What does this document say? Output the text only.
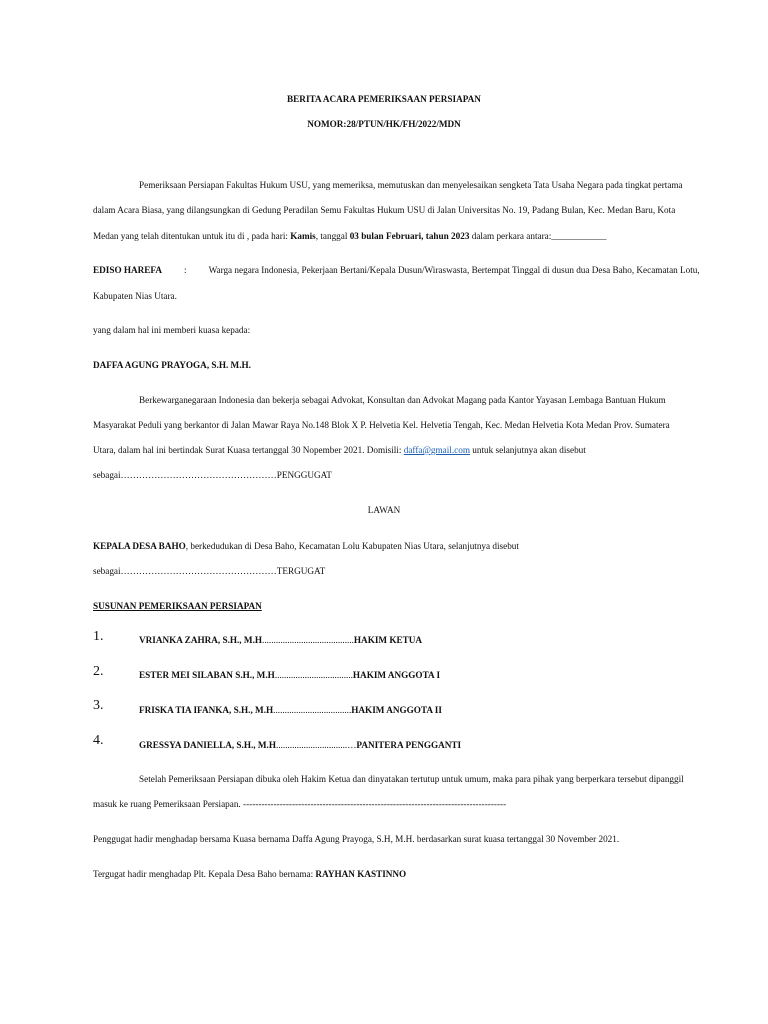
BERITA ACARA PEMERIKSAAN PERSIAPAN
NOMOR:28/PTUN/HK/FH/2022/MDN
Pemeriksaan Persiapan Fakultas Hukum USU, yang memeriksa, memutuskan dan menyelesaikan sengketa Tata Usaha Negara pada tingkat pertama
dalam Acara Biasa, yang dilangsungkan di Gedung Peradilan Semu Fakultas Hukum USU di Jalan Universitas No. 19, Padang Bulan, Kec. Medan Baru, Kota
Medan yang telah ditentukan untuk itu di , pada hari: Kamis, tanggal 03 bulan Februari, tahun 2023 dalam perkara antara:____________
EDISO HAREFA : Warga negara Indonesia, Pekerjaan Bertani/Kepala Dusun/Wiraswasta, Bertempat Tinggal di dusun dua Desa Baho, Kecamatan Lotu,
Kabupaten Nias Utara.
yang dalam hal ini memberi kuasa kepada:
DAFFA AGUNG PRAYOGA, S.H. M.H.
Berkewarganegaraan Indonesia dan bekerja sebagai Advokat, Konsultan dan Advokat Magang pada Kantor Yayasan Lembaga Bantuan Hukum
Masyarakat Peduli yang berkantor di Jalan Mawar Raya No.148 Blok X P. Helvetia Kel. Helvetia Tengah, Kec. Medan Helvetia Kota Medan Prov. Sumatera
Utara, dalam hal ini bertindak Surat Kuasa tertanggal 30 Nopember 2021. Domisili: daffa@gmail.com untuk selanjutnya akan disebut
sebagai……………………………………………PENGGUGAT
LAWAN
KEPALA DESA BAHO, berkedudukan di Desa Baho, Kecamatan Lolu Kabupaten Nias Utara, selanjutnya disebut
sebagai……………………………………………TERGUGAT
SUSUNAN PEMERIKSAAN PERSIAPAN
1.	VRIANKA ZAHRA, S.H., M.H........................................HAKIM KETUA
2.	ESTER MEI SILABAN S.H., M.H..................................HAKIM ANGGOTA I
3.	FRISKA TIA IFANKA, S.H., M.H..................................HAKIM ANGGOTA II
4.	GRESSYA DANIELLA, S.H., M.H...............................…PANITERA PENGGANTI
Setelah Pemeriksaan Persiapan dibuka oleh Hakim Ketua dan dinyatakan tertutup untuk umum, maka para pihak yang berperkara tersebut dipanggil
masuk ke ruang Pemeriksaan Persiapan. --------------------------------------------------------------------------------------
Penggugat hadir menghadap bersama Kuasa bernama Daffa Agung Prayoga, S.H, M.H. berdasarkan surat kuasa tertanggal 30 November 2021.
Tergugat hadir menghadap Plt. Kepala Desa Baho bernama: RAYHAN KASTINNO
